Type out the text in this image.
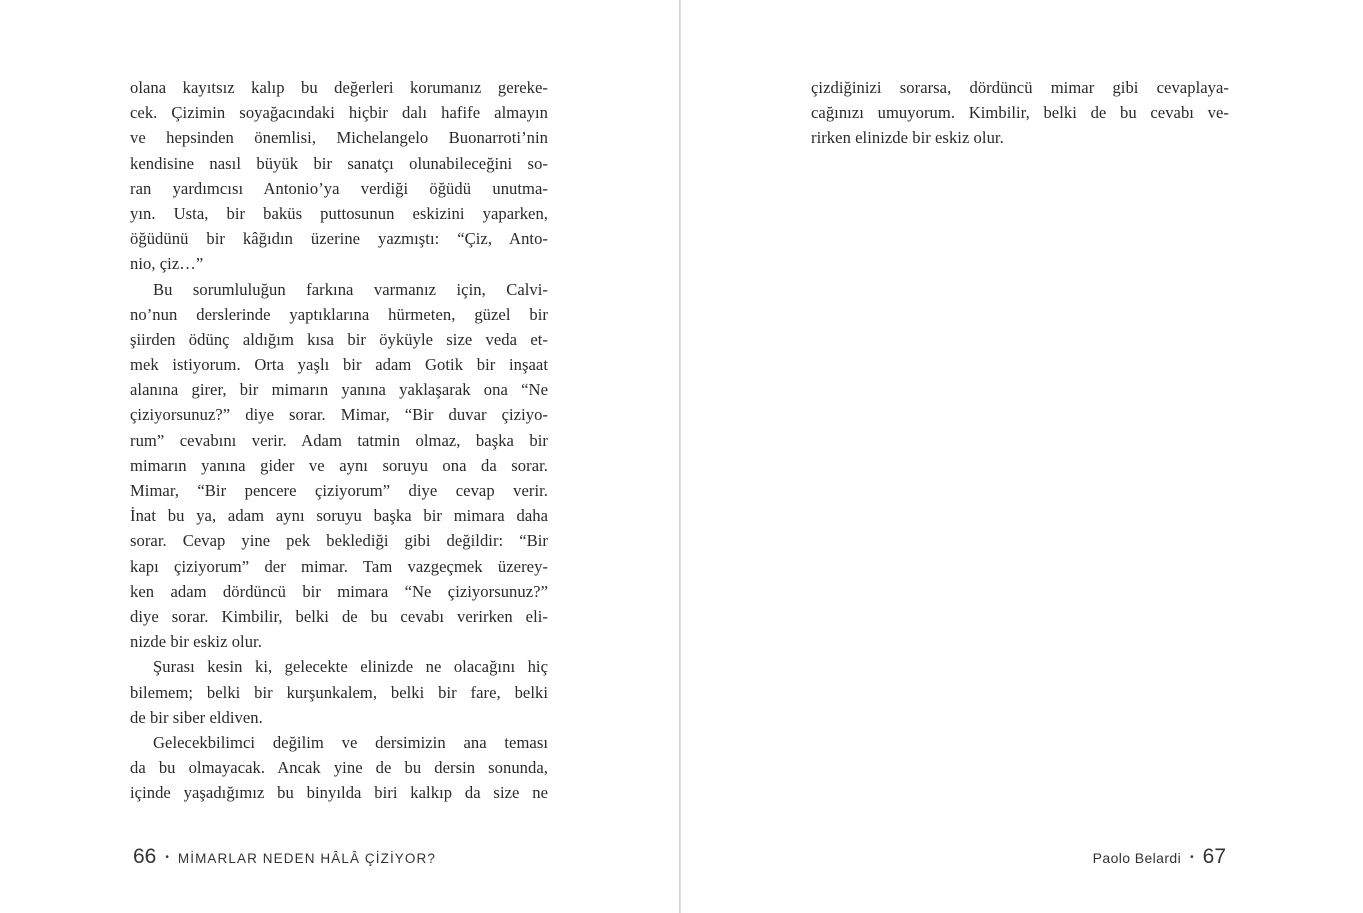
olana kayıtsız kalıp bu değerleri korumanız gereke-
cek. Çizimin soyağacındaki hiçbir dalı hafife almayın
ve hepsinden önemlisi, Michelangelo Buonarroti’nin
kendisine nasıl büyük bir sanatçı olunabileceğini so-
ran yardımcısı Antonio’ya verdiği öğüdü unutma-
yın. Usta, bir baküs puttosunun eskizini yaparken,
öğüdünü bir kâğıdın üzerine yazmıştı: “Çiz, Anto-
nio, çiz…”
Bu sorumluluğun farkına varmanız için, Calvi-
no’nun derslerinde yaptıklarına hürmeten, güzel bir
şiirden ödünç aldığım kısa bir öyküyle size veda et-
mek istiyorum. Orta yaşlı bir adam Gotik bir inşaat
alanına girer, bir mimarın yanına yaklaşarak ona “Ne
çiziyorsunuz?” diye sorar. Mimar, “Bir duvar çiziyo-
rum” cevabını verir. Adam tatmin olmaz, başka bir
mimarın yanına gider ve aynı soruyu ona da sorar.
Mimar, “Bir pencere çiziyorum” diye cevap verir.
İnat bu ya, adam aynı soruyu başka bir mimara daha
sorar. Cevap yine pek beklediği gibi değildir: “Bir
kapı çiziyorum” der mimar. Tam vazgeçmek üzerey-
ken adam dördüncü bir mimara “Ne çiziyorsunuz?”
diye sorar. Kimbilir, belki de bu cevabı verirken eli-
nizde bir eskiz olur.
Şurası kesin ki, gelecekte elinizde ne olacağını hiç
bilemem; belki bir kurşunkalem, belki bir fare, belki
de bir siber eldiven.
Gelecekbilimci değilim ve dersimizin ana teması
da bu olmayacak. Ancak yine de bu dersin sonunda,
içinde yaşadığımız bu binyılda biri kalkıp da size ne
66 • MİMARLAR NEDEN HÂLÂ ÇİZİYOR?
çizdiğinizi sorarsa, dördüncü mimar gibi cevaplaya-
cağınızı umuyorum. Kimbilir, belki de bu cevabı ve-
rirken elinizde bir eskiz olur.
Paolo Belardi • 67
